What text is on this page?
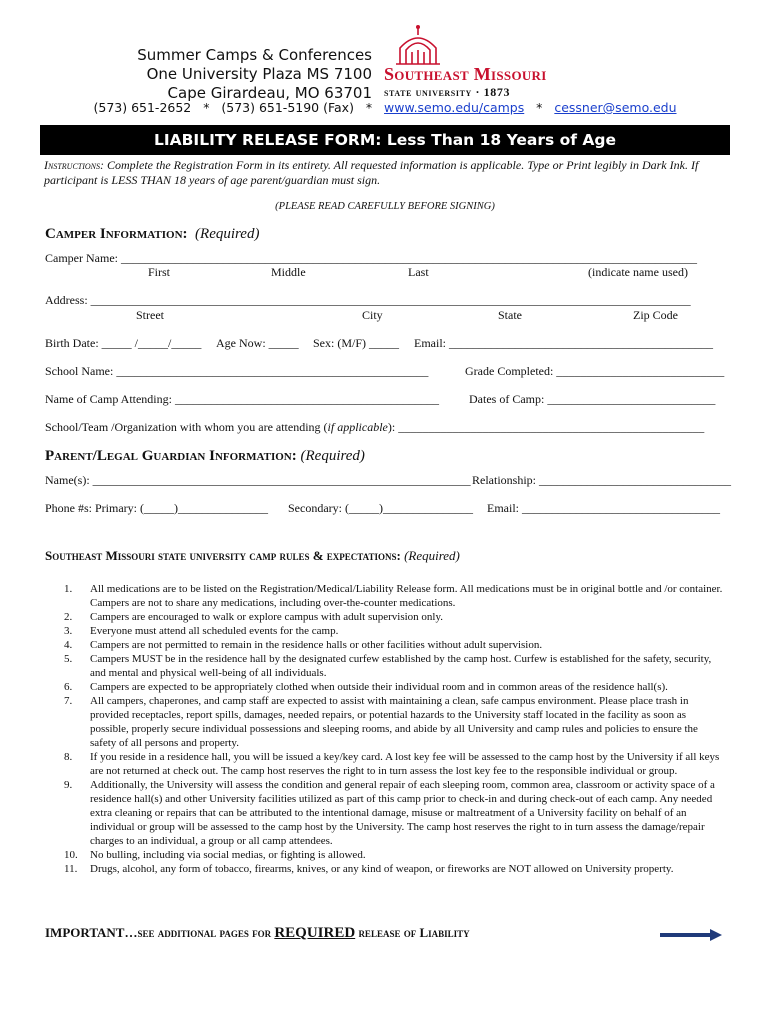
Summer Camps & Conferences
One University Plaza MS 7100
Cape Girardeau, MO 63701
Southeast Missouri
state university · 1873
(573) 651-2652 * (573) 651-5190 (Fax) * www.semo.edu/camps * cessner@semo.edu
LIABILITY RELEASE FORM: Less Than 18 Years of Age
Instructions: Complete the Registration Form in its entirety. All requested information is applicable. Type or Print legibly in Dark Ink. If participant is LESS THAN 18 years of age parent/guardian must sign.
(PLEASE READ CAREFULLY BEFORE SIGNING)
Camper Information: (Required)
Camper Name: ________________________________________________________________________________________________
First	Middle	Last	(indicate name used)
Address: ____________________________________________________________________________________________________
Street	City	State	Zip Code
Birth Date: _____ /_____/_____ Age Now: _____ Sex: (M/F) _____ Email: ____________________________________________
School Name: ____________________________________________________	Grade Completed: ____________________________
Name of Camp Attending: ____________________________________________	Dates of Camp: ____________________________
School/Team /Organization with whom you are attending (if applicable): ___________________________________________________
Parent/Legal Guardian Information: (Required)
Name(s): _______________________________________________________________ Relationship: ________________________________
Phone #s: Primary: (_____)_______________ Secondary: (_____)_______________ Email: _________________________________
Southeast Missouri state university camp rules & expectations: (Required)
1.	All medications are to be listed on the Registration/Medical/Liability Release form. All medications must be in original bottle and /or container. Campers are not to share any medications, including over-the-counter medications.
2.	Campers are encouraged to walk or explore campus with adult supervision only.
3.	Everyone must attend all scheduled events for the camp.
4.	Campers are not permitted to remain in the residence halls or other facilities without adult supervision.
5.	Campers MUST be in the residence hall by the designated curfew established by the camp host. Curfew is established for the safety, security, and mental and physical well-being of all individuals.
6.	Campers are expected to be appropriately clothed when outside their individual room and in common areas of the residence hall(s).
7.	All campers, chaperones, and camp staff are expected to assist with maintaining a clean, safe campus environment. Please place trash in provided receptacles, report spills, damages, needed repairs, or potential hazards to the University staff located in the facility as soon as possible, properly secure individual possessions and sleeping rooms, and abide by all University and camp rules and policies to ensure the safety of all persons and property.
8.	If you reside in a residence hall, you will be issued a key/key card. A lost key fee will be assessed to the camp host by the University if all keys are not returned at check out. The camp host reserves the right to in turn assess the lost key fee to the responsible individual or group.
9.	Additionally, the University will assess the condition and general repair of each sleeping room, common area, classroom or activity space of a residence hall(s) and other University facilities utilized as part of this camp prior to check-in and during check-out of each camp. Any needed extra cleaning or repairs that can be attributed to the intentional damage, misuse or maltreatment of a University facility on behalf of an individual or group will be assessed to the camp host by the University. The camp host reserves the right to in turn assess the damage/repair charges to an individual, a group or all camp attendees.
10.	No bulling, including via social medias, or fighting is allowed.
11.	Drugs, alcohol, any form of tobacco, firearms, knives, or any kind of weapon, or fireworks are NOT allowed on University property.
IMPORTANT…see additional pages for REQUIRED release of Liability
